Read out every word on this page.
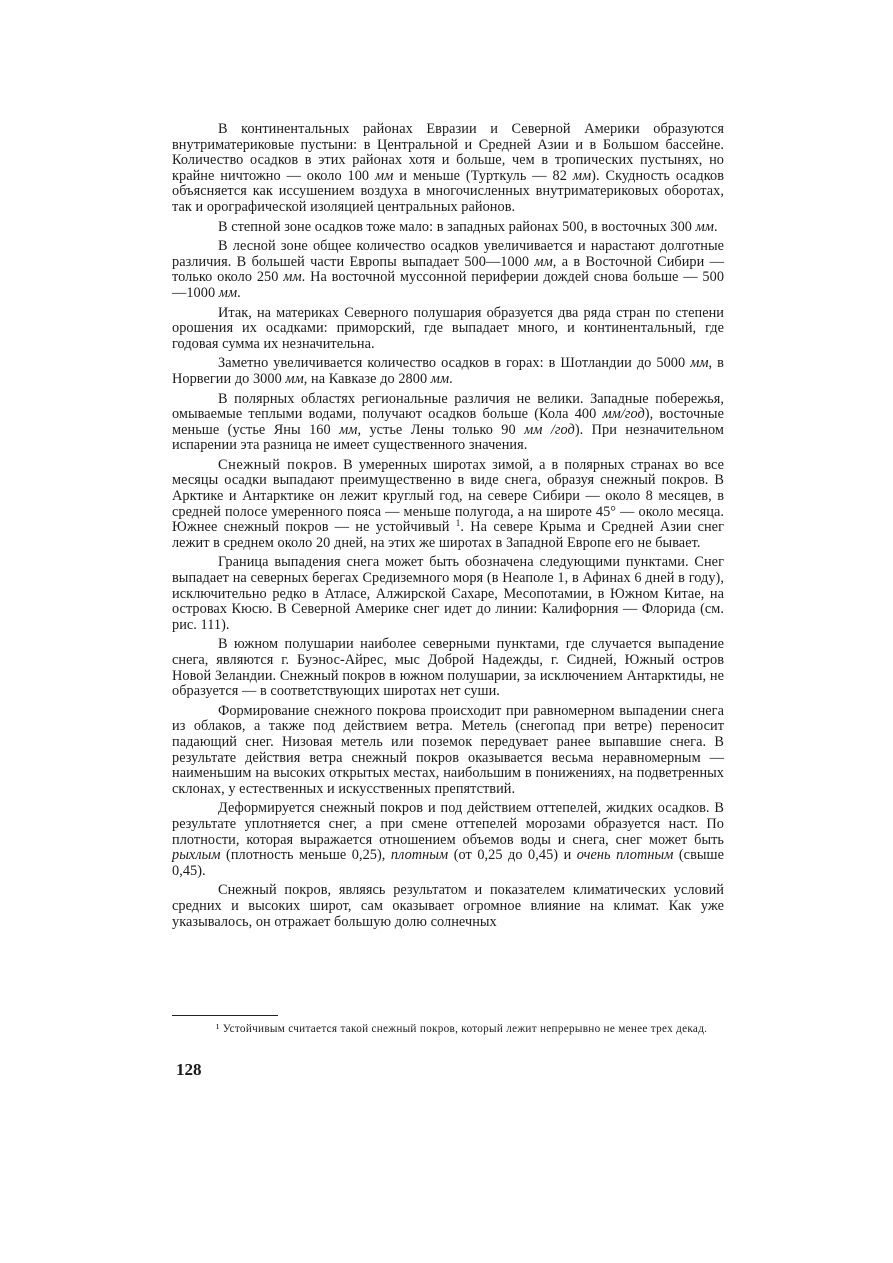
В континентальных районах Евразии и Северной Америки образуются внутриматериковые пустыни: в Центральной и Средней Азии и в Большом бассейне. Количество осадков в этих районах хотя и больше, чем в тропических пустынях, но крайне ничтожно — около 100 мм и меньше (Турткуль — 82 мм). Скудность осадков объясняется как иссушением воздуха в многочисленных внутриматериковых оборотах, так и орографической изоляцией центральных районов.

В степной зоне осадков тоже мало: в западных районах 500, в восточных 300 мм.

В лесной зоне общее количество осадков увеличивается и нарастают долготные различия. В большей части Европы выпадает 500—1000 мм, а в Восточной Сибири — только около 250 мм. На восточной муссонной периферии дождей снова больше — 500—1000 мм.

Итак, на материках Северного полушария образуется два ряда стран по степени орошения их осадками: приморский, где выпадает много, и континентальный, где годовая сумма их незначительна.

Заметно увеличивается количество осадков в горах: в Шотландии до 5000 мм, в Норвегии до 3000 мм, на Кавказе до 2800 мм.

В полярных областях региональные различия не велики. Западные побережья, омываемые теплыми водами, получают осадков больше (Кола 400 мм/год), восточные меньше (устье Яны 160 мм, устье Лены только 90 мм /год). При незначительном испарении эта разница не имеет существенного значения.

Снежный покров. В умеренных широтах зимой, а в полярных странах во все месяцы осадки выпадают преимущественно в виде снега, образуя снежный покров. В Арктике и Антарктике он лежит круглый год, на севере Сибири — около 8 месяцев, в средней полосе умеренного пояса — меньше полугода, а на широте 45° — около месяца. Южнее снежный покров — не устойчивый $^1$. На севере Крыма и Средней Азии снег лежит в среднем около 20 дней, на этих же широтах в Западной Европе его не бывает.

Граница выпадения снега может быть обозначена следующими пунктами. Снег выпадает на северных берегах Средиземного моря (в Неаполе 1, в Афинах 6 дней в году), исключительно редко в Атласе, Алжирской Сахаре, Месопотамии, в Южном Китае, на островах Кюсю. В Северной Америке снег идет до линии: Калифорния — Флорида (см. рис. 111).

В южном полушарии наиболее северными пунктами, где случается выпадение снега, являются г. Буэнос-Айрес, мыс Доброй Надежды, г. Сидней, Южный остров Новой Зеландии. Снежный покров в южном полушарии, за исключением Антарктиды, не образуется — в соответствующих широтах нет суши.

Формирование снежного покрова происходит при равномерном выпадении снега из облаков, а также под действием ветра. Метель (снегопад при ветре) переносит падающий снег. Низовая метель или поземок передувает ранее выпавшие снега. В результате действия ветра снежный покров оказывается весьма неравномерным — наименьшим на высоких открытых местах, наибольшим в понижениях, на подветренных склонах, у естественных и искусственных препятствий.

Деформируется снежный покров и под действием оттепелей, жидких осадков. В результате уплотняется снег, а при смене оттепелей морозами образуется наст. По плотности, которая выражается отношением объемов воды и снега, снег может быть рыхлым (плотность меньше 0,25), плотным (от 0,25 до 0,45) и очень плотным (свыше 0,45).

Снежный покров, являясь результатом и показателем климатических условий средних и высоких широт, сам оказывает огромное влияние на климат. Как уже указывалось, он отражает большую долю солнечных

¹ Устойчивым считается такой снежный покров, который лежит непрерывно не менее трех декад.

128
